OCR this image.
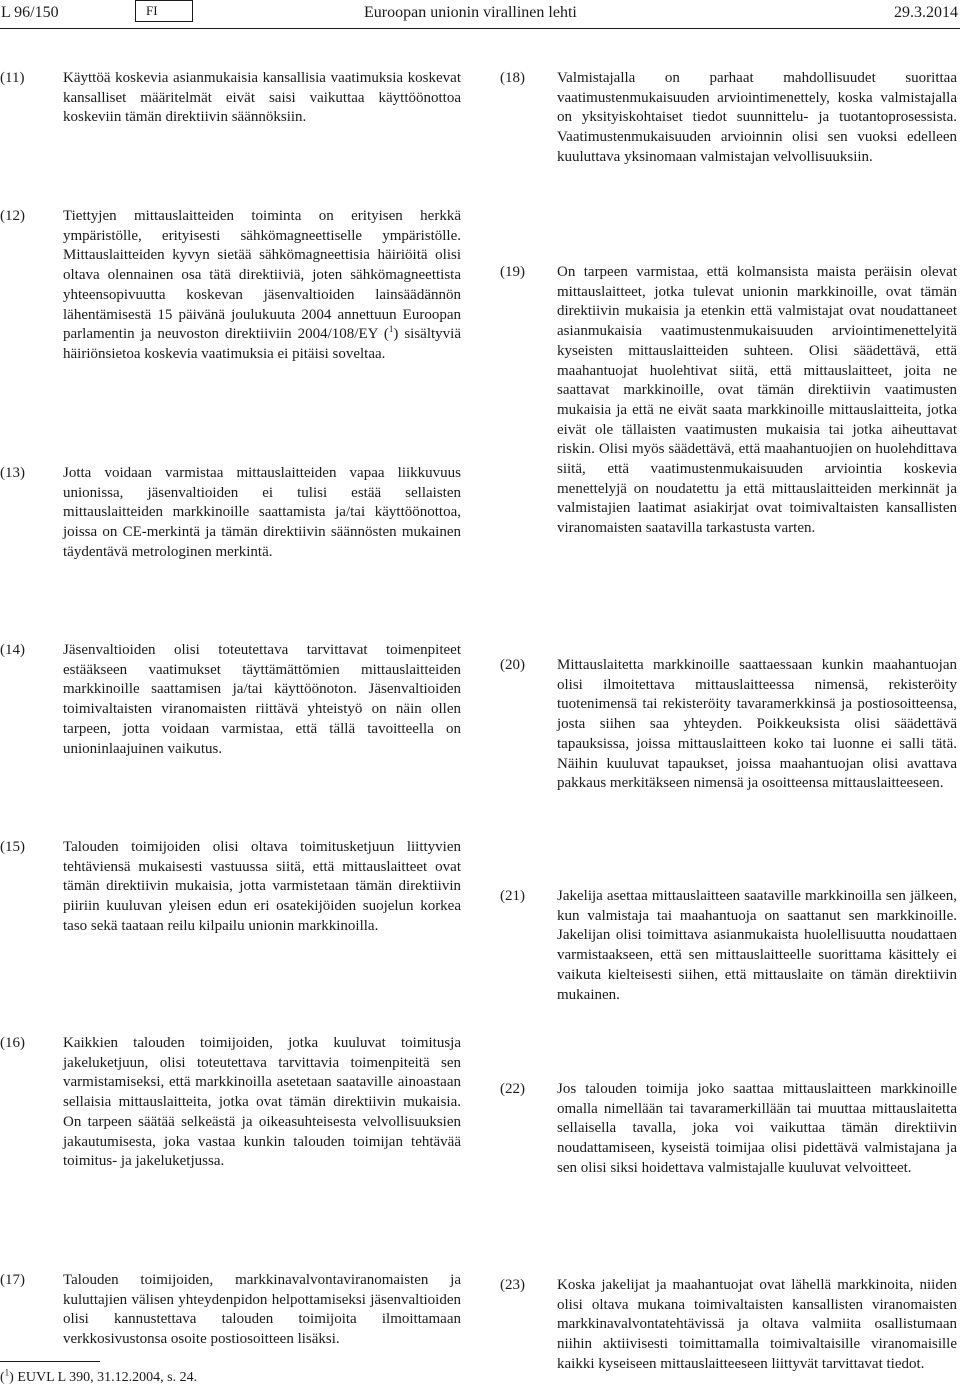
L 96/150	FI	Euroopan unionin virallinen lehti	29.3.2014
(11)	Käyttöä koskevia asianmukaisia kansallisia vaatimuksia koskevat kansalliset määritelmät eivät saisi vaikuttaa käyttöönottoa koskeviin tämän direktiivin säännöksiin.
(12)	Tiettyjen mittauslaitteiden toiminta on erityisen herkkä ympäristölle, erityisesti sähkömagneettiselle ympäristölle. Mittauslaitteiden kyvyn sietää sähkömagneettisia häiriöitä olisi oltava olennainen osa tätä direktiiviä, joten sähkömagneettista yhteensopivuutta koskevan jäsenvaltioiden lainsäädännön lähentämisestä 15 päivänä joulukuuta 2004 annettuun Euroopan parlamentin ja neuvoston direktiiviin 2004/108/EY ($^1$) sisältyviä häiriönsietoa koskevia vaatimuksia ei pitäisi soveltaa.
(13)	Jotta voidaan varmistaa mittauslaitteiden vapaa liikkuvuus unionissa, jäsenvaltioiden ei tulisi estää sellaisten mittauslaitteiden markkinoille saattamista ja/tai käyttöönottoa, joissa on CE-merkintä ja tämän direktiivin säännösten mukainen täydentävä metrologinen merkintä.
(14)	Jäsenvaltioiden olisi toteutettava tarvittavat toimenpiteet estääkseen vaatimukset täyttämättömien mittauslaitteiden markkinoille saattamisen ja/tai käyttöönoton. Jäsenvaltioiden toimivaltaisten viranomaisten riittävä yhteistyö on näin ollen tarpeen, jotta voidaan varmistaa, että tällä tavoitteella on unioninlaajuinen vaikutus.
(15)	Talouden toimijoiden olisi oltava toimitusketjuun liittyvien tehtäviensä mukaisesti vastuussa siitä, että mittauslaitteet ovat tämän direktiivin mukaisia, jotta varmistetaan tämän direktiivin piiriin kuuluvan yleisen edun eri osatekijöiden suojelun korkea taso sekä taataan reilu kilpailu unionin markkinoilla.
(16)	Kaikkien talouden toimijoiden, jotka kuuluvat toimitusja jakeluketjuun, olisi toteutettava tarvittavia toimenpiteitä sen varmistamiseksi, että markkinoilla asetetaan saataville ainoastaan sellaisia mittauslaitteita, jotka ovat tämän direktiivin mukaisia. On tarpeen säätää selkeästä ja oikeasuhteisesta velvollisuuksien jakautumisesta, joka vastaa kunkin talouden toimijan tehtävää toimitus- ja jakeluketjussa.
(17)	Talouden toimijoiden, markkinavalvontaviranomaisten ja kuluttajien välisen yhteydenpidon helpottamiseksi jäsenvaltioiden olisi kannustettava talouden toimijoita ilmoittamaan verkkosivustonsa osoite postiosoitteen lisäksi.
(18) Valmistajalla on parhaat mahdollisuudet suorittaa vaatimustenmukaisuuden arviointimenettely, koska valmistajalla on yksityiskohtaiset tiedot suunnittelu- ja tuotantoprosessista. Vaatimustenmukaisuuden arvioinnin olisi sen vuoksi edelleen kuuluttava yksinomaan valmistajan velvollisuuksiin.
(19) On tarpeen varmistaa, että kolmansista maista peräisin olevat mittauslaitteet, jotka tulevat unionin markkinoille, ovat tämän direktiivin mukaisia ja etenkin että valmistajat ovat noudattaneet asianmukaisia vaatimustenmukaisuuden arviointimenettelyitä kyseisten mittauslaitteiden suhteen. Olisi säädettävä, että maahantuojat huolehtivat siitä, että mittauslaitteet, joita ne saattavat markkinoille, ovat tämän direktiivin vaatimusten mukaisia ja että ne eivät saata markkinoille mittauslaitteita, jotka eivät ole tällaisten vaatimusten mukaisia tai jotka aiheuttavat riskin. Olisi myös säädettävä, että maahantuojien on huolehdittava siitä, että vaatimustenmukaisuuden arviointia koskevia menettelyjä on noudatettu ja että mittauslaitteiden merkinnät ja valmistajien laatimat asiakirjat ovat toimivaltaisten kansallisten viranomaisten saatavilla tarkastusta varten.
(20) Mittauslaitetta markkinoille saattaessaan kunkin maahantuojan olisi ilmoitettava mittauslaitteessa nimensä, rekisteröity tuotenimensä tai rekisteröity tavaramerkkinsä ja postiosoitteensa, josta siihen saa yhteyden. Poikkeuksista olisi säädettävä tapauksissa, joissa mittauslaitteen koko tai luonne ei salli tätä. Näihin kuuluvat tapaukset, joissa maahantuojan olisi avattava pakkaus merkitäkseen nimensä ja osoitteensa mittauslaitteeseen.
(21) Jakelija asettaa mittauslaitteen saataville markkinoilla sen jälkeen, kun valmistaja tai maahantuoja on saattanut sen markkinoille. Jakelijan olisi toimittava asianmukaista huolellisuutta noudattaen varmistaakseen, että sen mittauslaitteelle suorittama käsittely ei vaikuta kielteisesti siihen, että mittauslaite on tämän direktiivin mukainen.
(22) Jos talouden toimija joko saattaa mittauslaitteen markkinoille omalla nimellään tai tavaramerkillään tai muuttaa mittauslaitetta sellaisella tavalla, joka voi vaikuttaa tämän direktiivin noudattamiseen, kyseistä toimijaa olisi pidettävä valmistajana ja sen olisi siksi hoidettava valmistajalle kuuluvat velvoitteet.
(23) Koska jakelijat ja maahantuojat ovat lähellä markkinoita, niiden olisi oltava mukana toimivaltaisten kansallisten viranomaisten markkinavalvontatehtävissä ja oltava valmiita osallistumaan niihin aktiivisesti toimittamalla toimivaltaisille viranomaisille kaikki kyseiseen mittauslaitteeseen liittyvät tarvittavat tiedot.
($^1$) EUVL L 390, 31.12.2004, s. 24.
